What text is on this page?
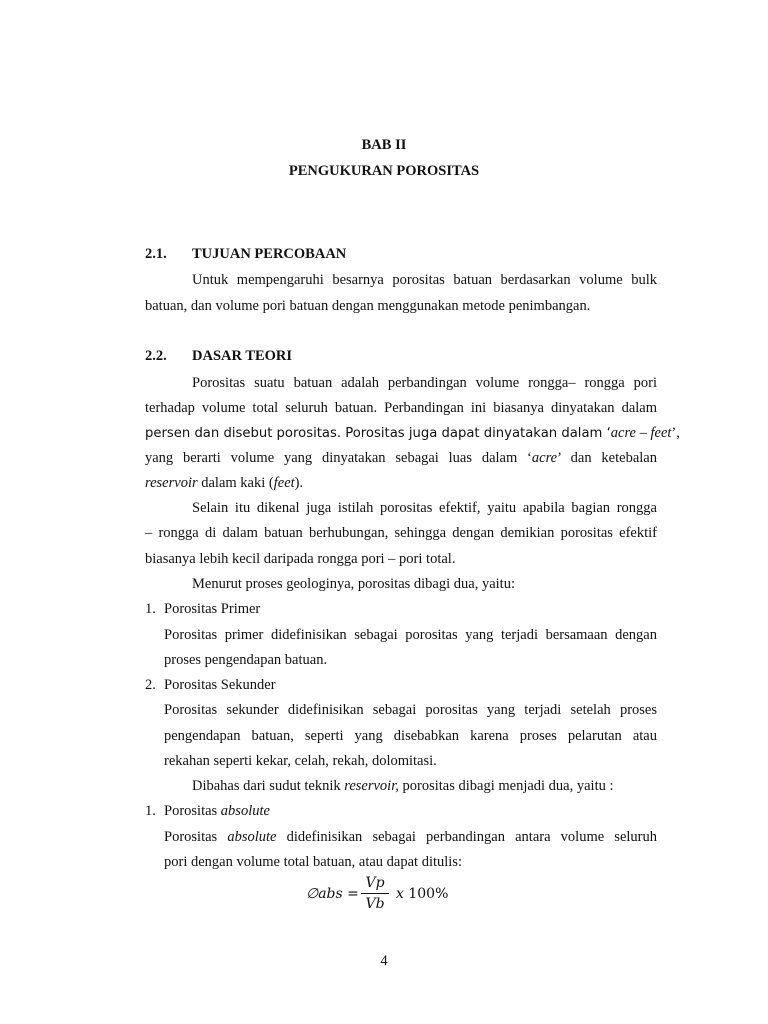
BAB II
PENGUKURAN POROSITAS
2.1. TUJUAN PERCOBAAN
Untuk mempengaruhi besarnya porositas batuan berdasarkan volume bulk
batuan, dan volume pori batuan dengan menggunakan metode penimbangan.
2.2. DASAR TEORI
Porositas suatu batuan adalah perbandingan volume rongga– rongga pori
terhadap volume total seluruh batuan. Perbandingan ini biasanya dinyatakan dalam
persen dan disebut porositas. Porositas juga dapat dinyatakan dalam ‘acre – feet’,
yang berarti volume yang dinyatakan sebagai luas dalam ‘acre’ dan ketebalan
reservoir dalam kaki (feet).
Selain itu dikenal juga istilah porositas efektif, yaitu apabila bagian rongga
– rongga di dalam batuan berhubungan, sehingga dengan demikian porositas efektif
biasanya lebih kecil daripada rongga pori – pori total.
Menurut proses geologinya, porositas dibagi dua, yaitu:
1. Porositas Primer
Porositas primer didefinisikan sebagai porositas yang terjadi bersamaan dengan
proses pengendapan batuan.
2. Porositas Sekunder
Porositas sekunder didefinisikan sebagai porositas yang terjadi setelah proses
pengendapan batuan, seperti yang disebabkan karena proses pelarutan atau
rekahan seperti kekar, celah, rekah, dolomitasi.
Dibahas dari sudut teknik reservoir, porositas dibagi menjadi dua, yaitu :
1. Porositas absolute
Porositas absolute didefinisikan sebagai perbandingan antara volume seluruh
pori dengan volume total batuan, atau dapat ditulis:
∅abs =
Vp
Vb
x 100%
4
